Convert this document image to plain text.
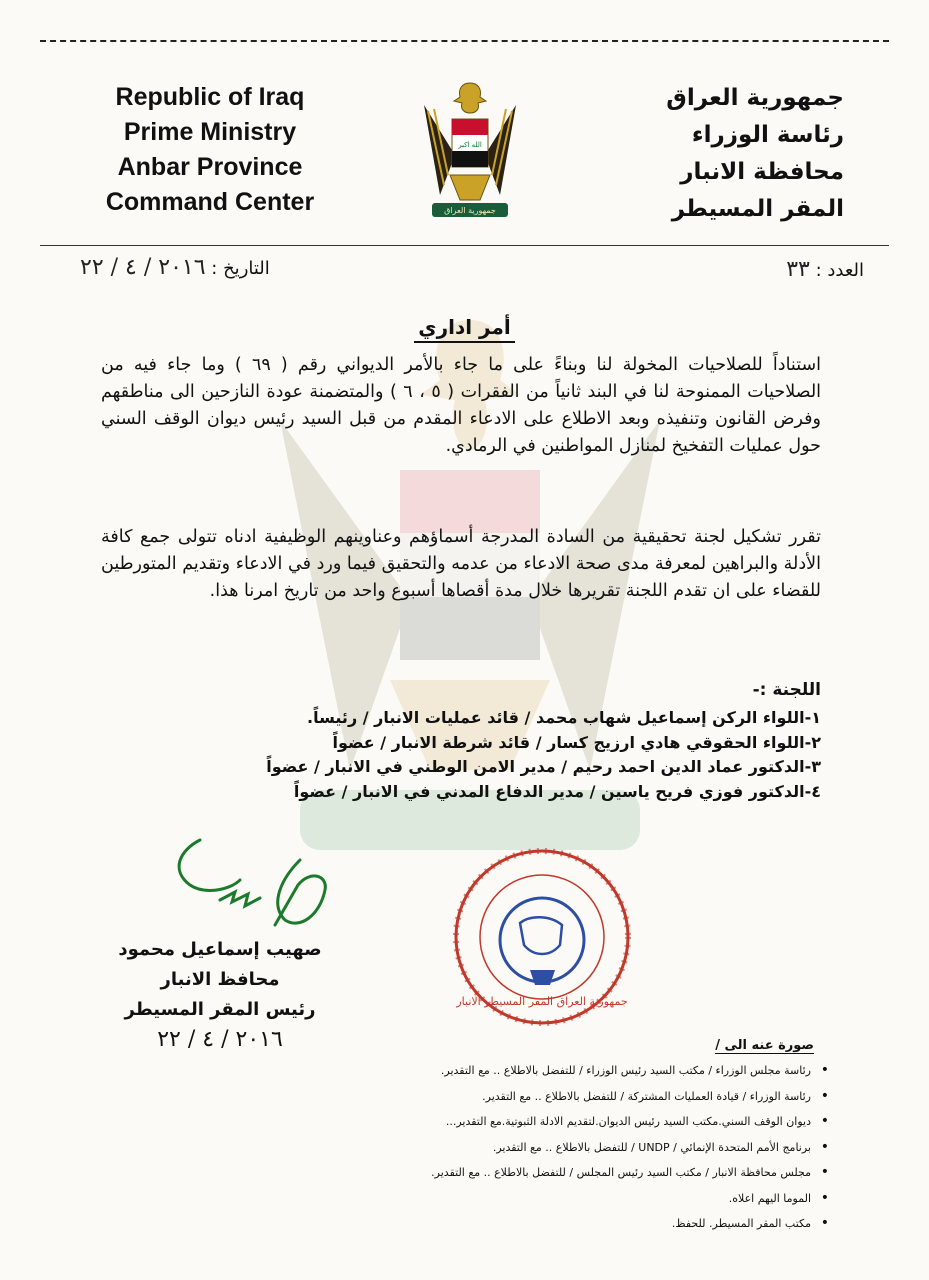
Republic of Iraq
Prime Ministry
Anbar Province
Command Center
الله اكبر
جمهورية العراق
جمهورية العراق
رئاسة الوزراء
محافظة الانبار
المقر المسيطر
العدد : ٣٣
التاريخ : ٢٠١٦ / ٤ / ٢٢
أمر اداري
استناداً للصلاحيات المخولة لنا وبناءً على ما جاء بالأمر الديواني رقم ( ٦٩ ) وما جاء فيه من الصلاحيات الممنوحة لنا في البند ثانياً من الفقرات ( ٥ ، ٦ ) والمتضمنة عودة النازحين الى مناطقهم وفرض القانون وتنفيذه وبعد الاطلاع على الادعاء المقدم من قبل السيد رئيس ديوان الوقف السني حول عمليات التفخيخ لمنازل المواطنين في الرمادي.
تقرر تشكيل لجنة تحقيقية من السادة المدرجة أسماؤهم وعناوينهم الوظيفية ادناه تتولى جمع كافة الأدلة والبراهين لمعرفة مدى صحة الادعاء من عدمه والتحقيق فيما ورد في الادعاء وتقديم المتورطين للقضاء على ان تقدم اللجنة تقريرها خلال مدة أقصاها أسبوع واحد من تاريخ امرنا هذا.
اللجنة :-
١-اللواء الركن إسماعيل شهاب محمد / قائد عمليات الانبار / رئيساً.
٢-اللواء الحقوقي هادي ارزيج كسار / قائد شرطة الانبار / عضواً
٣-الدكتور عماد الدين احمد رحيم / مدير الامن الوطني في الانبار / عضواً
٤-الدكتور فوزي فريح ياسين / مدير الدفاع المدني في الانبار / عضواً
صهيب إسماعيل محمود
محافظ الانبار
رئيس المقر المسيطر
٢٠١٦ / ٤ / ٢٢
جمهورية العراق المقر المسيطر الانبار
صورة عنه الى /
• رئاسة مجلس الوزراء / مكتب السيد رئيس الوزراء / للتفضل بالاطلاع .. مع التقدير.
• رئاسة الوزراء / قيادة العمليات المشتركة / للتفضل بالاطلاع .. مع التقدير.
• ديوان الوقف السني.مكتب السيد رئيس الديوان.لتقديم الادلة الثبوتية.مع التقدير...
• برنامج الأمم المتحدة الإنمائي / UNDP / للتفضل بالاطلاع .. مع التقدير.
• مجلس محافظة الانبار / مكتب السيد رئيس المجلس / للتفضل بالاطلاع .. مع التقدير.
• الموما اليهم اعلاه.
• مكتب المقر المسيطر. للحفظ.
